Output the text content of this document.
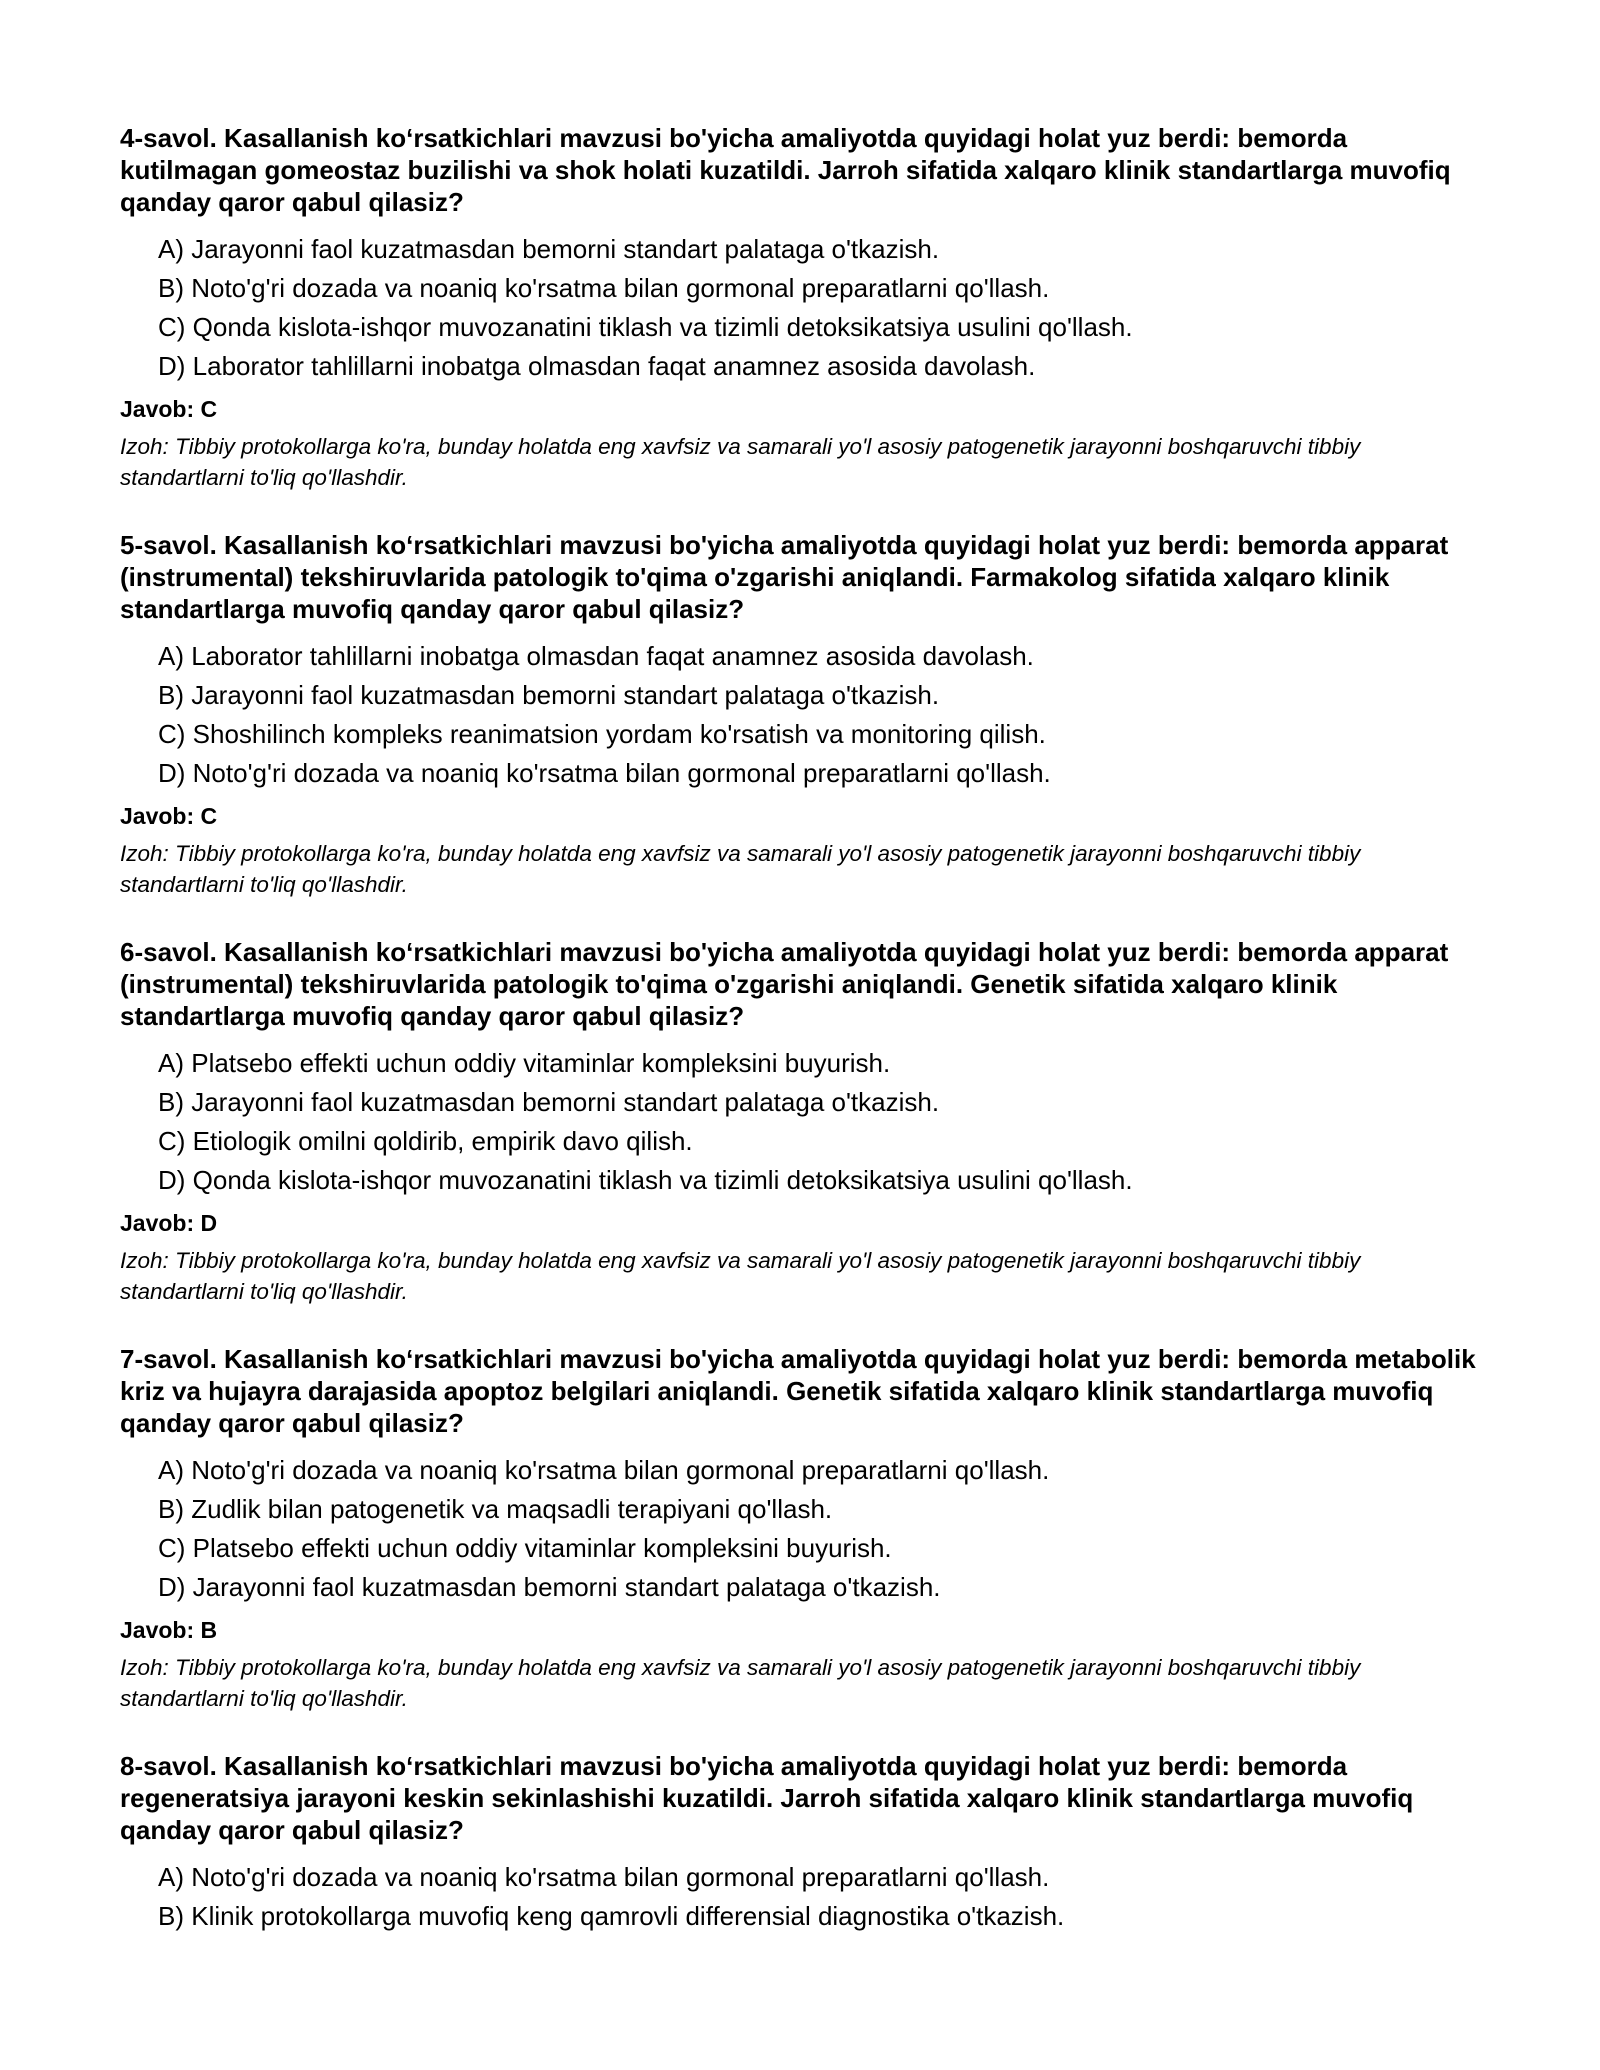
4-savol. Kasallanish ko‘rsatkichlari mavzusi bo'yicha amaliyotda quyidagi holat yuz berdi: bemorda kutilmagan gomeostaz buzilishi va shok holati kuzatildi. Jarroh sifatida xalqaro klinik standartlarga muvofiq qanday qaror qabul qilasiz?
A) Jarayonni faol kuzatmasdan bemorni standart palataga o'tkazish.
B) Noto'g'ri dozada va noaniq ko'rsatma bilan gormonal preparatlarni qo'llash.
C) Qonda kislota-ishqor muvozanatini tiklash va tizimli detoksikatsiya usulini qo'llash.
D) Laborator tahlillarni inobatga olmasdan faqat anamnez asosida davolash.
Javob: C
Izoh: Tibbiy protokollarga ko'ra, bunday holatda eng xavfsiz va samarali yo'l asosiy patogenetik jarayonni boshqaruvchi tibbiy standartlarni to'liq qo'llashdir.
5-savol. Kasallanish ko‘rsatkichlari mavzusi bo'yicha amaliyotda quyidagi holat yuz berdi: bemorda apparat (instrumental) tekshiruvlarida patologik to'qima o'zgarishi aniqlandi. Farmakolog sifatida xalqaro klinik standartlarga muvofiq qanday qaror qabul qilasiz?
A) Laborator tahlillarni inobatga olmasdan faqat anamnez asosida davolash.
B) Jarayonni faol kuzatmasdan bemorni standart palataga o'tkazish.
C) Shoshilinch kompleks reanimatsion yordam ko'rsatish va monitoring qilish.
D) Noto'g'ri dozada va noaniq ko'rsatma bilan gormonal preparatlarni qo'llash.
Javob: C
Izoh: Tibbiy protokollarga ko'ra, bunday holatda eng xavfsiz va samarali yo'l asosiy patogenetik jarayonni boshqaruvchi tibbiy standartlarni to'liq qo'llashdir.
6-savol. Kasallanish ko‘rsatkichlari mavzusi bo'yicha amaliyotda quyidagi holat yuz berdi: bemorda apparat (instrumental) tekshiruvlarida patologik to'qima o'zgarishi aniqlandi. Genetik sifatida xalqaro klinik standartlarga muvofiq qanday qaror qabul qilasiz?
A) Platsebo effekti uchun oddiy vitaminlar kompleksini buyurish.
B) Jarayonni faol kuzatmasdan bemorni standart palataga o'tkazish.
C) Etiologik omilni qoldirib, empirik davo qilish.
D) Qonda kislota-ishqor muvozanatini tiklash va tizimli detoksikatsiya usulini qo'llash.
Javob: D
Izoh: Tibbiy protokollarga ko'ra, bunday holatda eng xavfsiz va samarali yo'l asosiy patogenetik jarayonni boshqaruvchi tibbiy standartlarni to'liq qo'llashdir.
7-savol. Kasallanish ko‘rsatkichlari mavzusi bo'yicha amaliyotda quyidagi holat yuz berdi: bemorda metabolik kriz va hujayra darajasida apoptoz belgilari aniqlandi. Genetik sifatida xalqaro klinik standartlarga muvofiq qanday qaror qabul qilasiz?
A) Noto'g'ri dozada va noaniq ko'rsatma bilan gormonal preparatlarni qo'llash.
B) Zudlik bilan patogenetik va maqsadli terapiyani qo'llash.
C) Platsebo effekti uchun oddiy vitaminlar kompleksini buyurish.
D) Jarayonni faol kuzatmasdan bemorni standart palataga o'tkazish.
Javob: B
Izoh: Tibbiy protokollarga ko'ra, bunday holatda eng xavfsiz va samarali yo'l asosiy patogenetik jarayonni boshqaruvchi tibbiy standartlarni to'liq qo'llashdir.
8-savol. Kasallanish ko‘rsatkichlari mavzusi bo'yicha amaliyotda quyidagi holat yuz berdi: bemorda regeneratsiya jarayoni keskin sekinlashishi kuzatildi. Jarroh sifatida xalqaro klinik standartlarga muvofiq qanday qaror qabul qilasiz?
A) Noto'g'ri dozada va noaniq ko'rsatma bilan gormonal preparatlarni qo'llash.
B) Klinik protokollarga muvofiq keng qamrovli differensial diagnostika o'tkazish.
